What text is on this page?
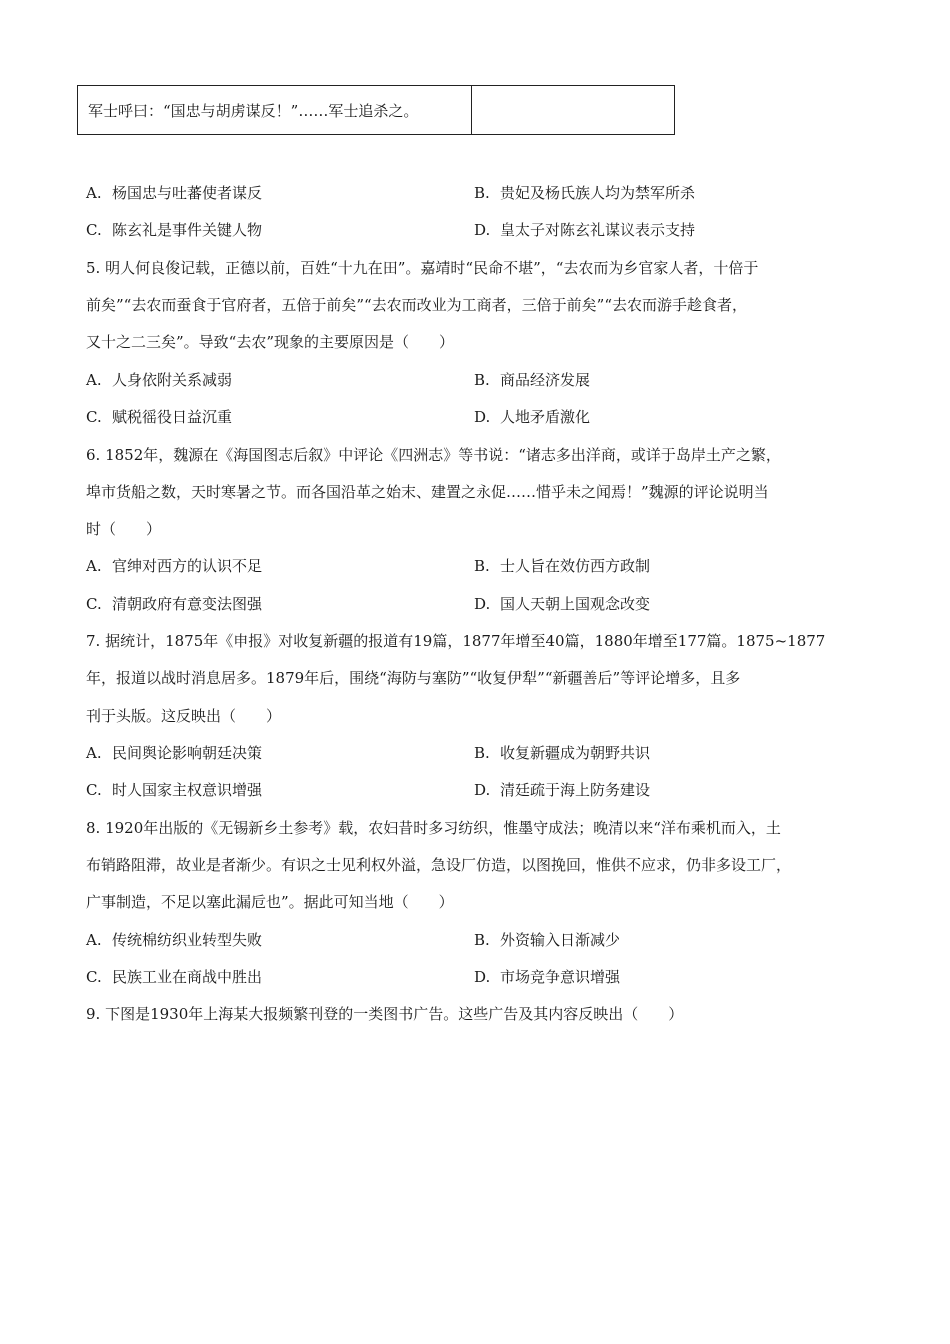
军士呼曰：“国忠与胡虏谋反！”……军士追杀之。
A. 杨国忠与吐蕃使者谋反	B. 贵妃及杨氏族人均为禁军所杀
C. 陈玄礼是事件关键人物	D. 皇太子对陈玄礼谋议表示支持
5. 明人何良俊记载，正德以前，百姓“十九在田”。嘉靖时“民命不堪”，“去农而为乡官家人者，十倍于
前矣”“去农而蚕食于官府者，五倍于前矣”“去农而改业为工商者，三倍于前矣”“去农而游手趁食者，
又十之二三矣”。导致“去农”现象的主要原因是（　　）
A. 人身依附关系减弱	B. 商品经济发展
C. 赋税徭役日益沉重	D. 人地矛盾激化
6. 1852年，魏源在《海国图志后叙》中评论《四洲志》等书说：“诸志多出洋商，或详于岛岸土产之繁，
埠市货船之数，天时寒暑之节。而各国沿革之始末、建置之永促……惜乎未之闻焉！”魏源的评论说明当
时（　　）
A. 官绅对西方的认识不足	B. 士人旨在效仿西方政制
C. 清朝政府有意变法图强	D. 国人天朝上国观念改变
7. 据统计，1875年《申报》对收复新疆的报道有19篇，1877年增至40篇，1880年增至177篇。1875~1877
年，报道以战时消息居多。1879年后，围绕“海防与塞防”“收复伊犁”“新疆善后”等评论增多，且多
刊于头版。这反映出（　　）
A. 民间舆论影响朝廷决策	B. 收复新疆成为朝野共识
C. 时人国家主权意识增强	D. 清廷疏于海上防务建设
8. 1920年出版的《无锡新乡土参考》载，农妇昔时多习纺织，惟墨守成法；晚清以来“洋布乘机而入，土
布销路阻滞，故业是者渐少。有识之士见利权外溢，急设厂仿造，以图挽回，惟供不应求，仍非多设工厂，
广事制造，不足以塞此漏卮也”。据此可知当地（　　）
A. 传统棉纺织业转型失败	B. 外资输入日渐减少
C. 民族工业在商战中胜出	D. 市场竞争意识增强
9. 下图是1930年上海某大报频繁刊登的一类图书广告。这些广告及其内容反映出（　　）
